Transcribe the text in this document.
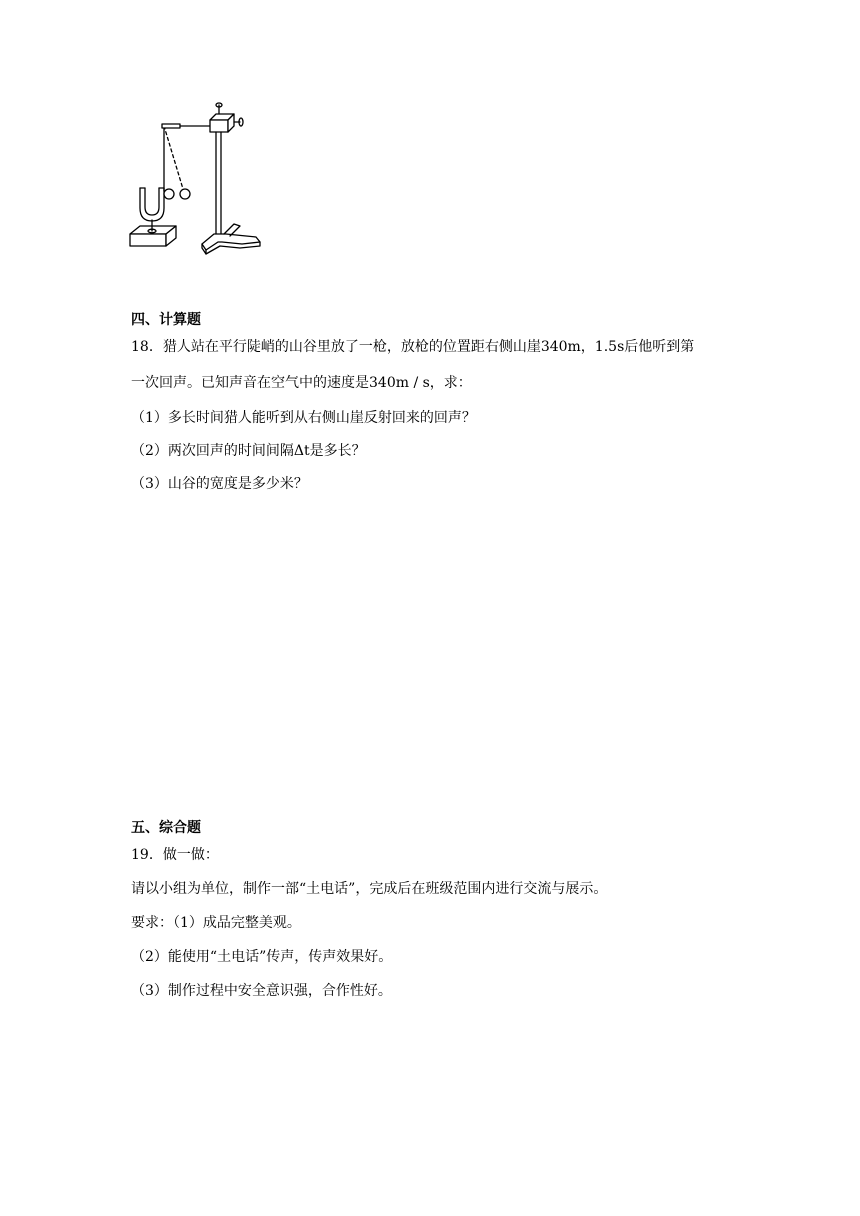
四、计算题
18．猎人站在平行陡峭的山谷里放了一枪，放枪的位置距右侧山崖340m，1.5s后他听到第
一次回声。已知声音在空气中的速度是340m / s，求：
（1）多长时间猎人能听到从右侧山崖反射回来的回声？
（2）两次回声的时间间隔Δt是多长？
（3）山谷的宽度是多少米？
五、综合题
19．做一做：
请以小组为单位，制作一部“土电话”，完成后在班级范围内进行交流与展示。
要求：（1）成品完整美观。
（2）能使用“土电话”传声，传声效果好。
（3）制作过程中安全意识强，合作性好。
